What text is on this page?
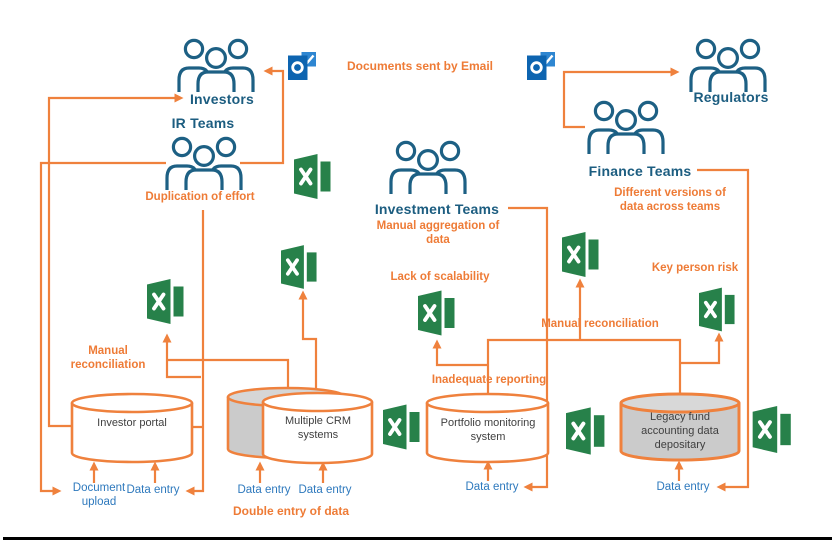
Investors
IR Teams
Investment Teams
Finance Teams
Regulators
Documents sent by Email
Duplication of effort
Manual aggregation of data
Different versions of data across teams
Lack of scalability
Key person risk
Manual reconciliation
Manual reconciliation
Inadequate reporting
Double entry of data
Investor portal	Multiple CRM systems
Portfolio monitoring system
Legacy fund accounting data depositary
Document upload
Data entry	Data entry Data entry	Data entry	Data entry
